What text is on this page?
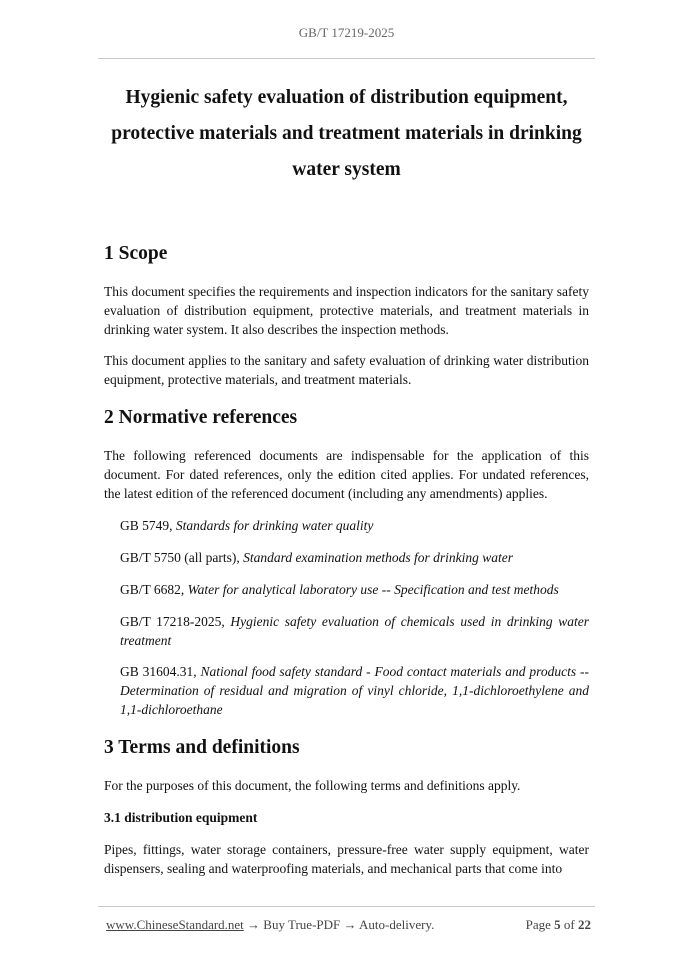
GB/T 17219-2025
Hygienic safety evaluation of distribution equipment,
protective materials and treatment materials in drinking
water system
1 Scope

This document specifies the requirements and inspection indicators for the sanitary safety evaluation of distribution equipment, protective materials, and treatment materials in drinking water system. It also describes the inspection methods.

This document applies to the sanitary and safety evaluation of drinking water distribution equipment, protective materials, and treatment materials.

2 Normative references

The following referenced documents are indispensable for the application of this document. For dated references, only the edition cited applies. For undated references, the latest edition of the referenced document (including any amendments) applies.

GB 5749, Standards for drinking water quality

GB/T 5750 (all parts), Standard examination methods for drinking water

GB/T 6682, Water for analytical laboratory use -- Specification and test methods

GB/T 17218-2025, Hygienic safety evaluation of chemicals used in drinking water treatment

GB 31604.31, National food safety standard - Food contact materials and products -- Determination of residual and migration of vinyl chloride, 1,1-dichloroethylene and 1,1-dichloroethane

3 Terms and definitions

For the purposes of this document, the following terms and definitions apply.

3.1 distribution equipment

Pipes, fittings, water storage containers, pressure-free water supply equipment, water dispensers, sealing and waterproofing materials, and mechanical parts that come into

www.ChineseStandard.net → Buy True-PDF → Auto-delivery.	Page 5 of 22
